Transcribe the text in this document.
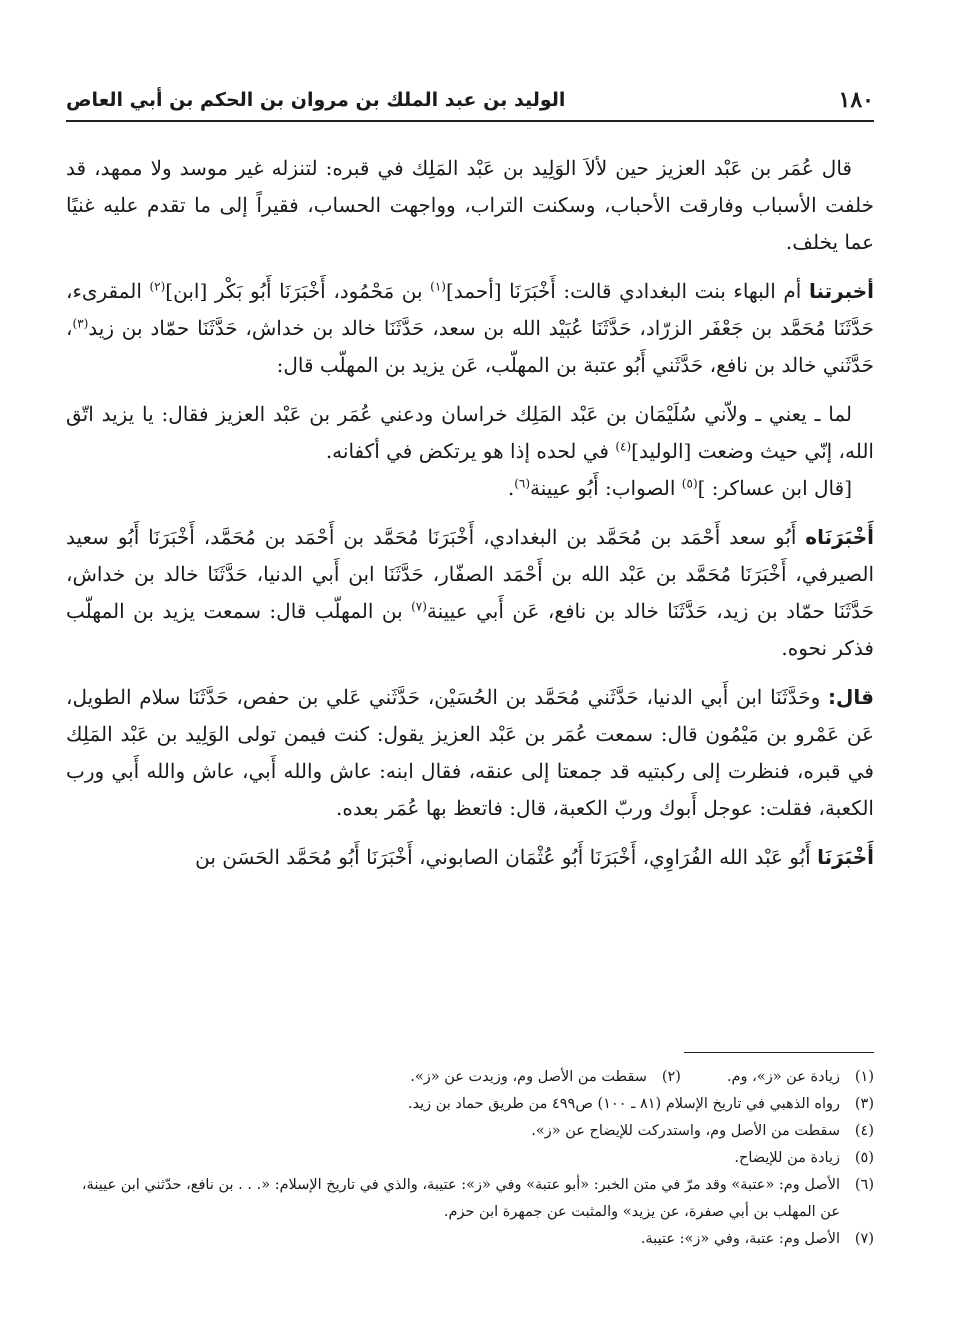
١٨٠
الوليد بن عبد الملك بن مروان بن الحكم بن أبي العاص

قال عُمَر بن عَبْد العزيز حين لألاَ الوَلِيد بن عَبْد المَلِك في قبره: لتنزله غير موسد ولا ممهد، قد خلفت الأسباب وفارقت الأحباب، وسكنت التراب، وواجهت الحساب، فقيراً إلى ما تقدم عليه غنيًا عما يخلف.

أخبرتنا أم البهاء بنت البغدادي قالت: أَخْبَرَنَا [أحمد]$^{(١)}$ بن مَحْمُود، أَخْبَرَنَا أَبُو بَكْر [ابن]$^{(٢)}$ المقرىء، حَدَّثَنَا مُحَمَّد بن جَعْفَر الزرّاد، حَدَّثَنَا عُبَيْد الله بن سعد، حَدَّثَنَا خالد بن خداش، حَدَّثَنَا حمّاد بن زيد$^{(٣)}$، حَدَّثَني خالد بن نافع، حَدَّثَني أَبُو عتبة بن المهلّب، عَن يزيد بن المهلّب قال:

لما ـ يعني ـ ولاّني سُلَيْمَان بن عَبْد المَلِك خراسان ودعني عُمَر بن عَبْد العزيز فقال: يا يزيد اتّق الله، إنّي حيث وضعت [الوليد]$^{(٤)}$ في لحده إذا هو يرتكض في أكفانه.

[قال ابن عساكر: ]$^{(٥)}$ الصواب: أَبُو عيينة$^{(٦)}$.

أَخْبَرَنَاه أَبُو سعد أَحْمَد بن مُحَمَّد بن البغدادي، أَخْبَرَنَا مُحَمَّد بن أَحْمَد بن مُحَمَّد، أَخْبَرَنَا أَبُو سعيد الصيرفي، أَخْبَرَنَا مُحَمَّد بن عَبْد الله بن أَحْمَد الصفّار، حَدَّثَنَا ابن أَبي الدنيا، حَدَّثَنَا خالد بن خداش، حَدَّثَنَا حمّاد بن زيد، حَدَّثَنَا خالد بن نافع، عَن أَبي عيينة$^{(٧)}$ بن المهلّب قال: سمعت يزيد بن المهلّب فذكر نحوه.

قال: وحَدَّثَنَا ابن أَبي الدنيا، حَدَّثَني مُحَمَّد بن الحُسَيْن، حَدَّثَني عَلي بن حفص، حَدَّثَنَا سلام الطويل، عَن عَمْرو بن مَيْمُون قال: سمعت عُمَر بن عَبْد العزيز يقول: كنت فيمن تولى الوَلِيد بن عَبْد المَلِك في قبره، فنظرت إلى ركبتيه قد جمعتا إلى عنقه، فقال ابنه: عاش والله أَبي، عاش والله أَبي ورب الكعبة، فقلت: عوجل أَبوك وربّ الكعبة، قال: فاتعظ بها عُمَر بعده.

أَخْبَرَنَا أَبُو عَبْد الله الفُرَاوِي، أَخْبَرَنَا أَبُو عُثْمَان الصابوني، أَخْبَرَنَا أَبُو مُحَمَّد الحَسَن بن

(١)
زيادة عن «ز»، وم.
(٢)
سقطت من الأصل وم، وزيدت عن «ز».
(٣)
رواه الذهبي في تاريخ الإسلام (٨١ ـ ١٠٠) ص٤٩٩ من طريق حماد بن زيد.
(٤)
سقطت من الأصل وم، واستدركت للإيضاح عن «ز».
(٥)
زيادة من للإيضاح.
(٦)
الأصل وم: «عتبة» وقد مرّ في متن الخبر: «أبو عتبة» وفي «ز»: عتيبة، والذي في تاريخ الإسلام: «. . . بن نافع، حدّثني ابن عيينة، عن المهلب بن أبي صفرة، عن يزيد» والمثبت عن جمهرة ابن حزم.
(٧)
الأصل وم: عتبة، وفي «ز»: عتيبة.
